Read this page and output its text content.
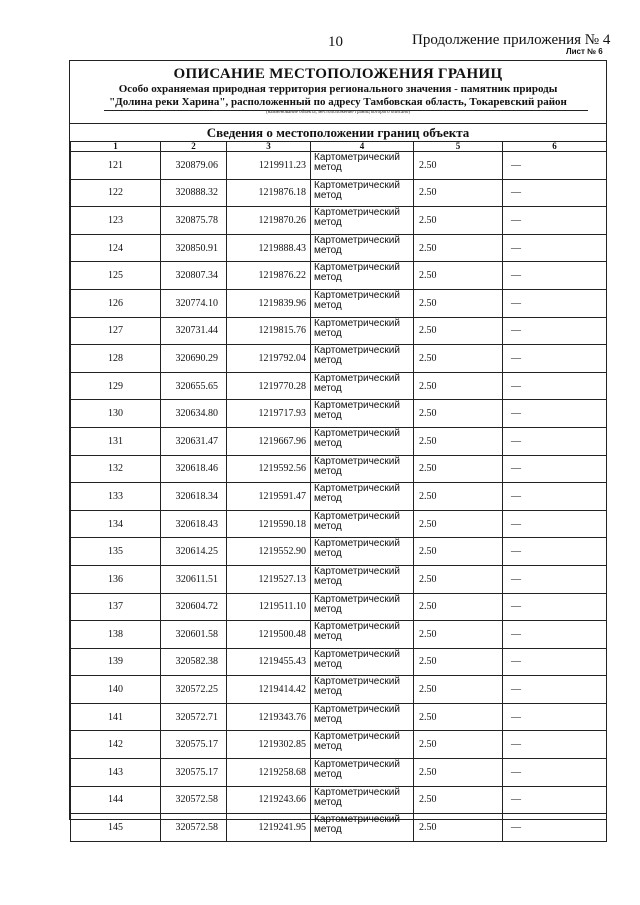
10	Продолжение приложения № 4
Лист № 6
ОПИСАНИЕ МЕСТОПОЛОЖЕНИЯ ГРАНИЦ
Особо охраняемая природная территория регионального значения - памятник природы
"Долина реки Харина", расположенный по адресу Тамбовская область, Токаревский район
(наименование объекта, местоположение границ которого описано)
Сведения о местоположении границ объекта
1	2	3	4	5	6
121	320879.06	1219911.23	Картометрический метод	2.50	—
122	320888.32	1219876.18	Картометрический метод	2.50	—
123	320875.78	1219870.26	Картометрический метод	2.50	—
124	320850.91	1219888.43	Картометрический метод	2.50	—
125	320807.34	1219876.22	Картометрический метод	2.50	—
126	320774.10	1219839.96	Картометрический метод	2.50	—
127	320731.44	1219815.76	Картометрический метод	2.50	—
128	320690.29	1219792.04	Картометрический метод	2.50	—
129	320655.65	1219770.28	Картометрический метод	2.50	—
130	320634.80	1219717.93	Картометрический метод	2.50	—
131	320631.47	1219667.96	Картометрический метод	2.50	—
132	320618.46	1219592.56	Картометрический метод	2.50	—
133	320618.34	1219591.47	Картометрический метод	2.50	—
134	320618.43	1219590.18	Картометрический метод	2.50	—
135	320614.25	1219552.90	Картометрический метод	2.50	—
136	320611.51	1219527.13	Картометрический метод	2.50	—
137	320604.72	1219511.10	Картометрический метод	2.50	—
138	320601.58	1219500.48	Картометрический метод	2.50	—
139	320582.38	1219455.43	Картометрический метод	2.50	—
140	320572.25	1219414.42	Картометрический метод	2.50	—
141	320572.71	1219343.76	Картометрический метод	2.50	—
142	320575.17	1219302.85	Картометрический метод	2.50	—
143	320575.17	1219258.68	Картометрический метод	2.50	—
144	320572.58	1219243.66	Картометрический метод	2.50	—
145	320572.58	1219241.95	Картометрический метод	2.50	—
